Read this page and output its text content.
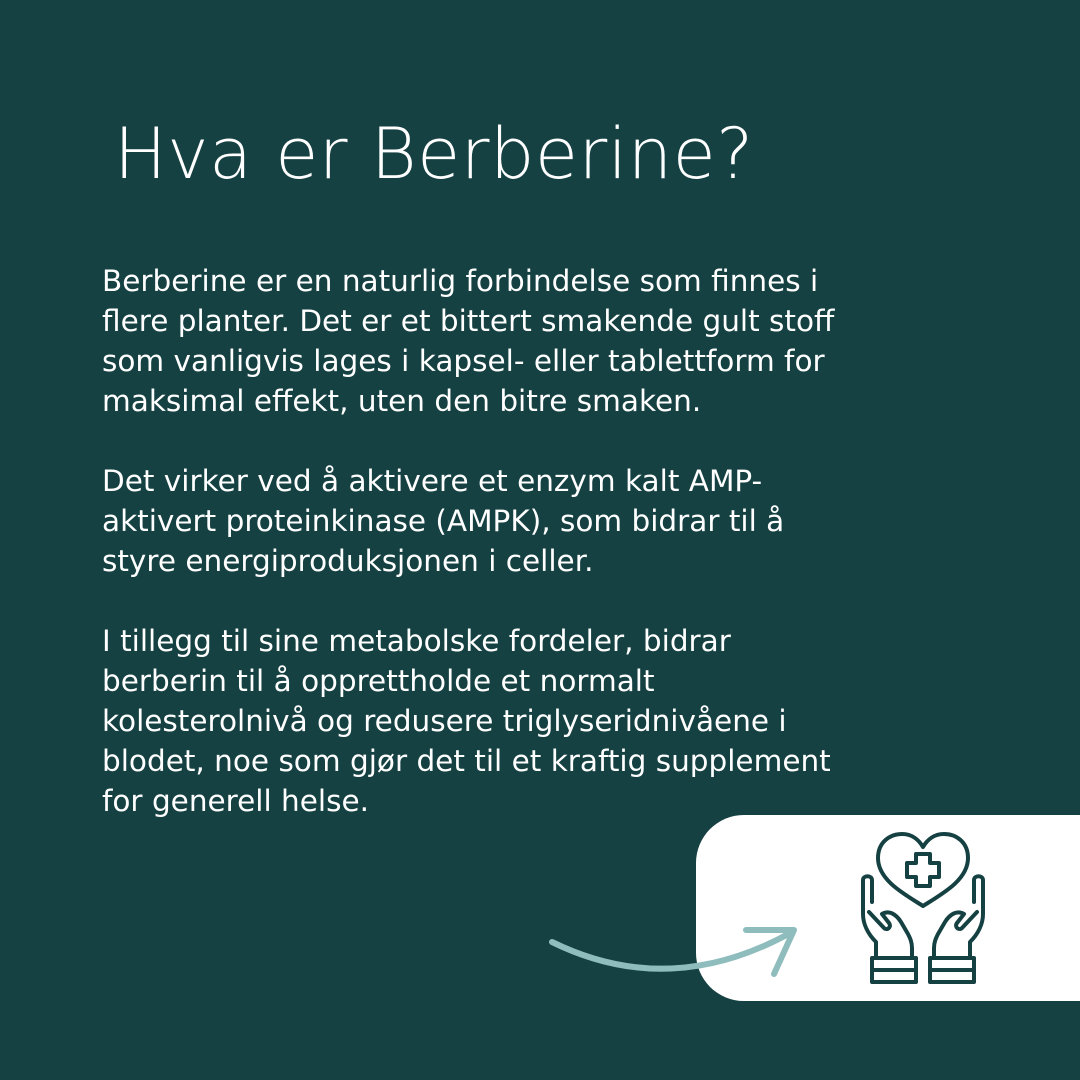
Hva er Berberine?

Berberine er en naturlig forbindelse som finnes i
flere planter. Det er et bittert smakende gult stoff
som vanligvis lages i kapsel- eller tablettform for
maksimal effekt, uten den bitre smaken.

Det virker ved å aktivere et enzym kalt AMP-
aktivert proteinkinase (AMPK), som bidrar til å
styre energiproduksjonen i celler.

I tillegg til sine metabolske fordeler, bidrar
berberin til å opprettholde et normalt
kolesterolnivå og redusere triglyseridnivåene i
blodet, noe som gjør det til et kraftig supplement
for generell helse.
